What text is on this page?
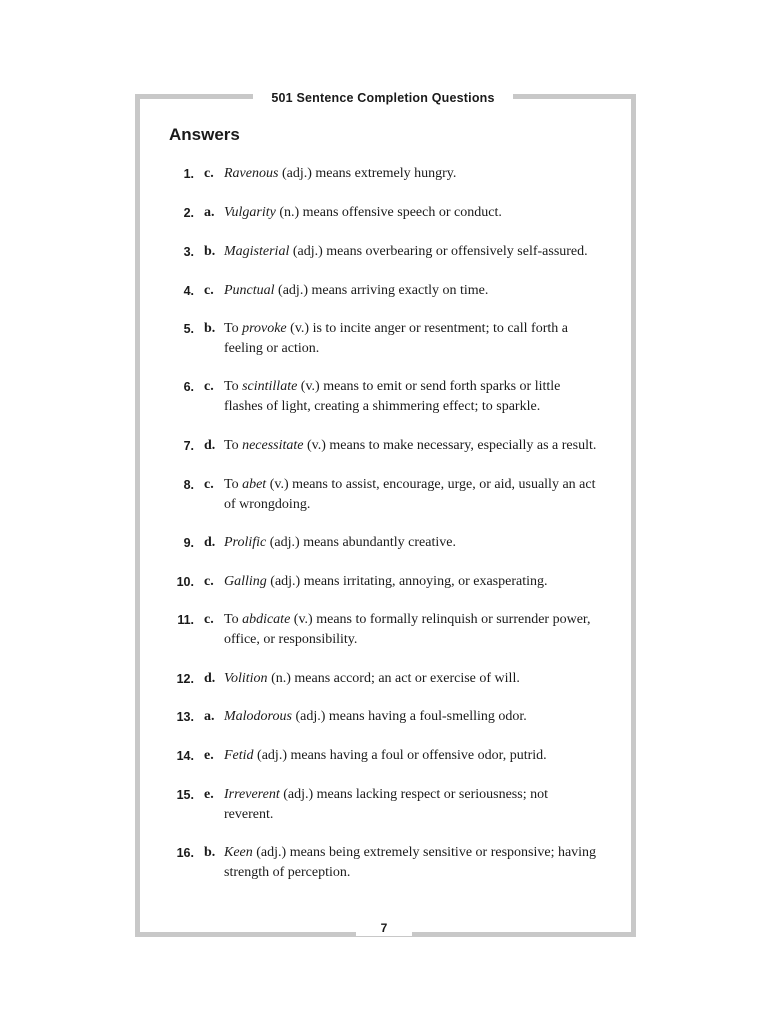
501 Sentence Completion Questions
Answers
1. c. Ravenous (adj.) means extremely hungry.
2. a. Vulgarity (n.) means offensive speech or conduct.
3. b. Magisterial (adj.) means overbearing or offensively self-assured.
4. c. Punctual (adj.) means arriving exactly on time.
5. b. To provoke (v.) is to incite anger or resentment; to call forth a feeling or action.
6. c. To scintillate (v.) means to emit or send forth sparks or little flashes of light, creating a shimmering effect; to sparkle.
7. d. To necessitate (v.) means to make necessary, especially as a result.
8. c. To abet (v.) means to assist, encourage, urge, or aid, usually an act of wrongdoing.
9. d. Prolific (adj.) means abundantly creative.
10. c. Galling (adj.) means irritating, annoying, or exasperating.
11. c. To abdicate (v.) means to formally relinquish or surrender power, office, or responsibility.
12. d. Volition (n.) means accord; an act or exercise of will.
13. a. Malodorous (adj.) means having a foul-smelling odor.
14. e. Fetid (adj.) means having a foul or offensive odor, putrid.
15. e. Irreverent (adj.) means lacking respect or seriousness; not reverent.
16. b. Keen (adj.) means being extremely sensitive or responsive; having strength of perception.
7
